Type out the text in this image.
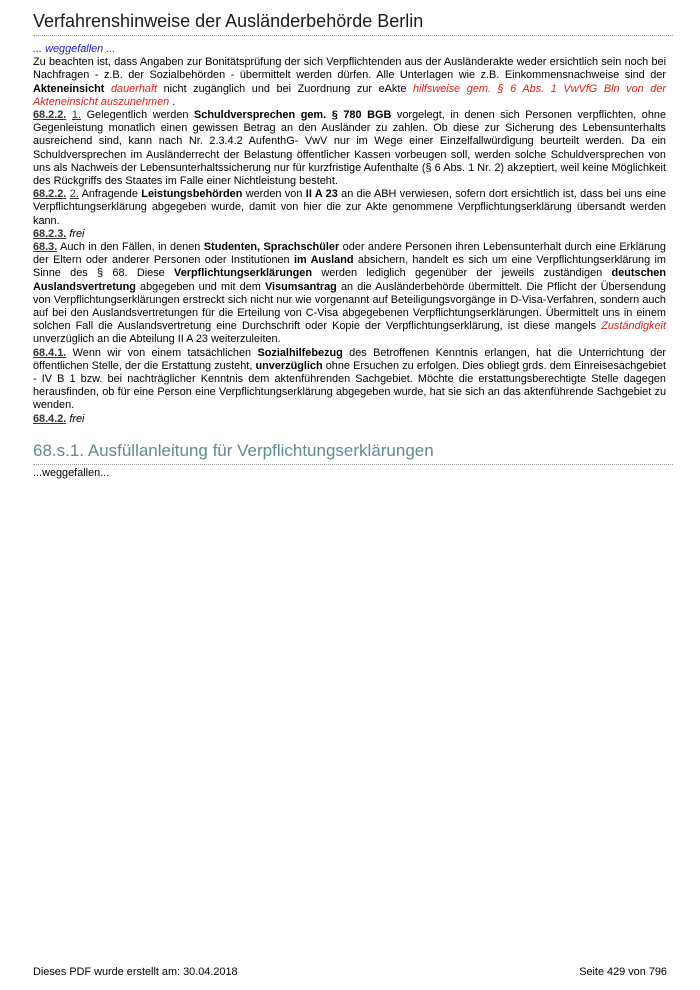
Verfahrenshinweise der Ausländerbehörde Berlin

... weggefallen ...

Zu beachten ist, dass Angaben zur Bonitätsprüfung der sich Verpflichtenden aus der Ausländerakte weder ersichtlich sein noch bei Nachfragen - z.B. der Sozialbehörden - übermittelt werden dürfen. Alle Unterlagen wie z.B. Einkommensnachweise sind der Akteneinsicht dauerhaft nicht zugänglich und bei Zuordnung zur eAkte hilfsweise gem. § 6 Abs. 1 VwVfG Bln von der Akteneinsicht auszunehmen .

68.2.2. 1. Gelegentlich werden Schuldversprechen gem. § 780 BGB vorgelegt, in denen sich Personen verpflichten, ohne Gegenleistung monatlich einen gewissen Betrag an den Ausländer zu zahlen. Ob diese zur Sicherung des Lebensunterhalts ausreichend sind, kann nach Nr. 2.3.4.2 AufenthG- VwV nur im Wege einer Einzelfallwürdigung beurteilt werden. Da ein Schuldversprechen im Ausländerrecht der Belastung öffentlicher Kassen vorbeugen soll, werden solche Schuldversprechen von uns als Nachweis der Lebensunterhaltssicherung nur für kurzfristige Aufenthalte (§ 6 Abs. 1 Nr. 2) akzeptiert, weil keine Möglichkeit des Rückgriffs des Staates im Falle einer Nichtleistung besteht.

68.2.2. 2. Anfragende Leistungsbehörden werden von II A 23 an die ABH verwiesen, sofern dort ersichtlich ist, dass bei uns eine Verpflichtungserklärung abgegeben wurde, damit von hier die zur Akte genommene Verpflichtungserklärung übersandt werden kann.

68.2.3. frei

68.3. Auch in den Fällen, in denen Studenten, Sprachschüler oder andere Personen ihren Lebensunterhalt durch eine Erklärung der Eltern oder anderer Personen oder Institutionen im Ausland absichern, handelt es sich um eine Verpflichtungserklärung im Sinne des § 68. Diese Verpflichtungserklärungen werden lediglich gegenüber der jeweils zuständigen deutschen Auslandsvertretung abgegeben und mit dem Visumsantrag an die Ausländerbehörde übermittelt. Die Pflicht der Übersendung von Verpflichtungserklärungen erstreckt sich nicht nur wie vorgenannt auf Beteiligungsvorgänge in D-Visa-Verfahren, sondern auch auf bei den Auslandsvertretungen für die Erteilung von C-Visa abgegebenen Verpflichtungserklärungen. Übermittelt uns in einem solchen Fall die Auslandsvertretung eine Durchschrift oder Kopie der Verpflichtungserklärung, ist diese mangels Zuständigkeit unverzüglich an die Abteilung II A 23 weiterzuleiten.

68.4.1. Wenn wir von einem tatsächlichen Sozialhilfebezug des Betroffenen Kenntnis erlangen, hat die Unterrichtung der öffentlichen Stelle, der die Erstattung zusteht, unverzüglich ohne Ersuchen zu erfolgen. Dies obliegt grds. dem Einreisesachgebiet - IV B 1 bzw. bei nachträglicher Kenntnis dem aktenführenden Sachgebiet. Möchte die erstattungsberechtigte Stelle dagegen herausfinden, ob für eine Person eine Verpflichtungserklärung abgegeben wurde, hat sie sich an das aktenführende Sachgebiet zu wenden.

68.4.2. frei

68.s.1. Ausfüllanleitung für Verpflichtungserklärungen
...weggefallen...
Dieses PDF wurde erstellt am: 30.04.2018	Seite 429 von 796
